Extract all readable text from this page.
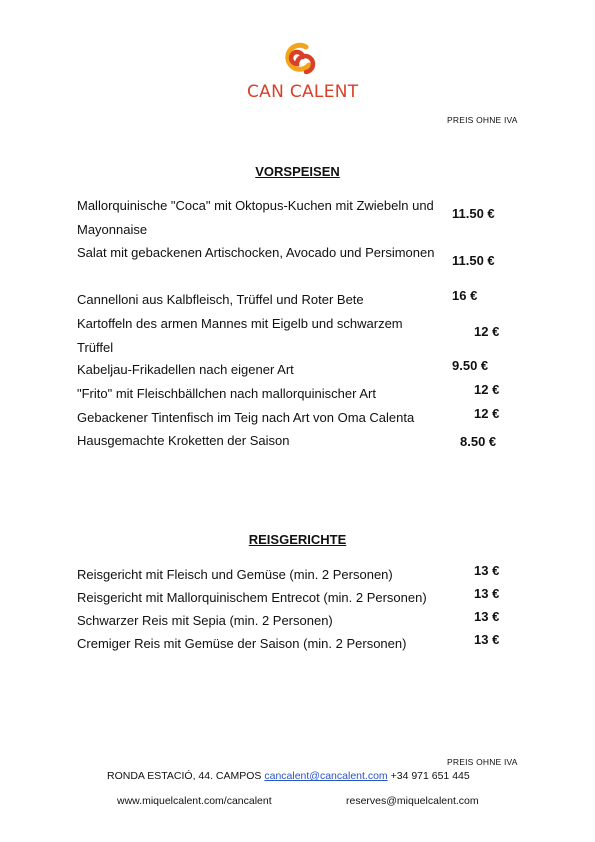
CAN CALENT
PREIS OHNE IVA
VORSPEISEN
Mallorquinische "Coca" mit Oktopus-Kuchen mit Zwiebeln und Mayonnaise
11.50 €
Salat mit gebackenen Artischocken, Avocado und Persimonen
11.50 €
Cannelloni aus Kalbfleisch, Trüffel und Roter Bete	16 €
Kartoffeln des armen Mannes mit Eigelb und schwarzem Trüffel
12 €
Kabeljau-Frikadellen nach eigener Art	9.50 €
"Frito" mit Fleischbällchen nach mallorquinischer Art	12 €
Gebackener Tintenfisch im Teig nach Art von Oma Calenta	12 €
Hausgemachte Kroketten der Saison	8.50 €
REISGERICHTE
Reisgericht mit Fleisch und Gemüse (min. 2 Personen)	13 €
Reisgericht mit Mallorquinischem Entrecot (min. 2 Personen)	13 €
Schwarzer Reis mit Sepia (min. 2 Personen)	13 €
Cremiger Reis mit Gemüse der Saison (min. 2 Personen)	13 €
PREIS OHNE IVA
RONDA ESTACIÓ, 44. CAMPOS cancalent@cancalent.com +34 971 651 445
www.miquelcalent.com/cancalent	reserves@miquelcalent.com
